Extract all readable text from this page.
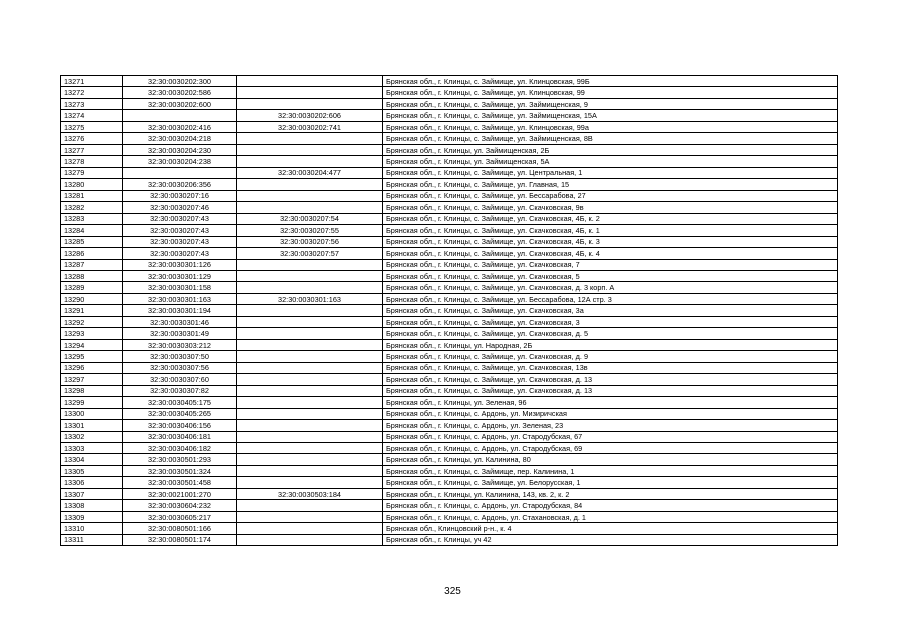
13271	32:30:0030202:300		Брянская обл., г. Клинцы, с. Займище, ул. Клинцовская, 99Б
13272	32:30:0030202:586		Брянская обл., г. Клинцы, с. Займище, ул. Клинцовская, 99
13273	32:30:0030202:600		Брянская обл., г. Клинцы, с. Займище, ул. Займищенская, 9
13274		32:30:0030202:606	Брянская обл., г. Клинцы, с. Займище, ул. Займищенская, 15А
13275	32:30:0030202:416	32:30:0030202:741	Брянская обл., г. Клинцы, с. Займище, ул. Клинцовская, 99а
13276	32:30:0030204:218		Брянская обл., г. Клинцы, с. Займище, ул. Займищенская, 8В
13277	32:30:0030204:230		Брянская обл., г. Клинцы, ул. Займищенская, 2Б
13278	32:30:0030204:238		Брянская обл., г. Клинцы, ул. Займищенская, 5А
13279		32:30:0030204:477	Брянская обл., г. Клинцы, с. Займище, ул. Центральная, 1
13280	32:30:0030206:356		Брянская обл., г. Клинцы, с. Займище, ул. Главная, 15
13281	32:30:0030207:16		Брянская обл., г. Клинцы, с. Займище, ул. Бессарабова, 27
13282	32:30:0030207:46		Брянская обл., г. Клинцы, с. Займище, ул. Скачковская, 9в
13283	32:30:0030207:43	32:30:0030207:54	Брянская обл., г. Клинцы, с. Займище, ул. Скачковская, 4Б, к. 2
13284	32:30:0030207:43	32:30:0030207:55	Брянская обл., г. Клинцы, с. Займище, ул. Скачковская, 4Б, к. 1
13285	32:30:0030207:43	32:30:0030207:56	Брянская обл., г. Клинцы, с. Займище, ул. Скачковская, 4Б, к. 3
13286	32:30:0030207:43	32:30:0030207:57	Брянская обл., г. Клинцы, с. Займище, ул. Скачковская, 4Б, к. 4
13287	32:30:0030301:126		Брянская обл., г. Клинцы, с. Займище, ул. Скачковская, 7
13288	32:30:0030301:129		Брянская обл., г. Клинцы, с. Займище, ул. Скачковская, 5
13289	32:30:0030301:158		Брянская обл., г. Клинцы, с. Займище, ул. Скачковская, д. 3 корп. А
13290	32:30:0030301:163	32:30:0030301:163	Брянская обл., г. Клинцы, с. Займище, ул. Бессарабова, 12А стр. 3
13291	32:30:0030301:194		Брянская обл., г. Клинцы, с. Займище, ул. Скачковская, 3а
13292	32:30:0030301:46		Брянская обл., г. Клинцы, с. Займище, ул. Скачковская, 3
13293	32:30:0030301:49		Брянская обл., г. Клинцы, с. Займище, ул. Скачковская, д. 5
13294	32:30:0030303:212		Брянская обл., г. Клинцы, ул. Народная, 2Б
13295	32:30:0030307:50		Брянская обл., г. Клинцы, с. Займище, ул. Скачковская, д. 9
13296	32:30:0030307:56		Брянская обл., г. Клинцы, с. Займище, ул. Скачковская, 13в
13297	32:30:0030307:60		Брянская обл., г. Клинцы, с. Займище, ул. Скачковская, д. 13
13298	32:30:0030307:82		Брянская обл., г. Клинцы, с. Займище, ул. Скачковская, д. 13
13299	32:30:0030405:175		Брянская обл., г. Клинцы, ул. Зеленая, 96
13300	32:30:0030405:265		Брянская обл., г. Клинцы, с. Ардонь, ул. Мизиричская
13301	32:30:0030406:156		Брянская обл., г. Клинцы, с. Ардонь, ул. Зеленая, 23
13302	32:30:0030406:181		Брянская обл., г. Клинцы, с. Ардонь, ул. Стародубская, 67
13303	32:30:0030406:182		Брянская обл., г. Клинцы, с. Ардонь, ул. Стародубская, 69
13304	32:30:0030501:293		Брянская обл., г. Клинцы, ул. Калинина, 80
13305	32:30:0030501:324		Брянская обл., г. Клинцы, с. Займище, пер. Калинина, 1
13306	32:30:0030501:458		Брянская обл., г. Клинцы, с. Займище, ул. Белорусская, 1
13307	32:30:0021001:270	32:30:0030503:184	Брянская обл., г. Клинцы, ул. Калинина, 143, кв. 2, к. 2
13308	32:30:0030604:232		Брянская обл., г. Клинцы, с. Ардонь, ул. Стародубская, 84
13309	32:30:0030605:217		Брянская обл., г. Клинцы, с. Ардонь, ул. Стахановская, д. 1
13310	32:30:0080501:166		Брянская обл., Клинцовский р-н., к. 4
13311	32:30:0080501:174		Брянская обл., г. Клинцы, уч 42
325
